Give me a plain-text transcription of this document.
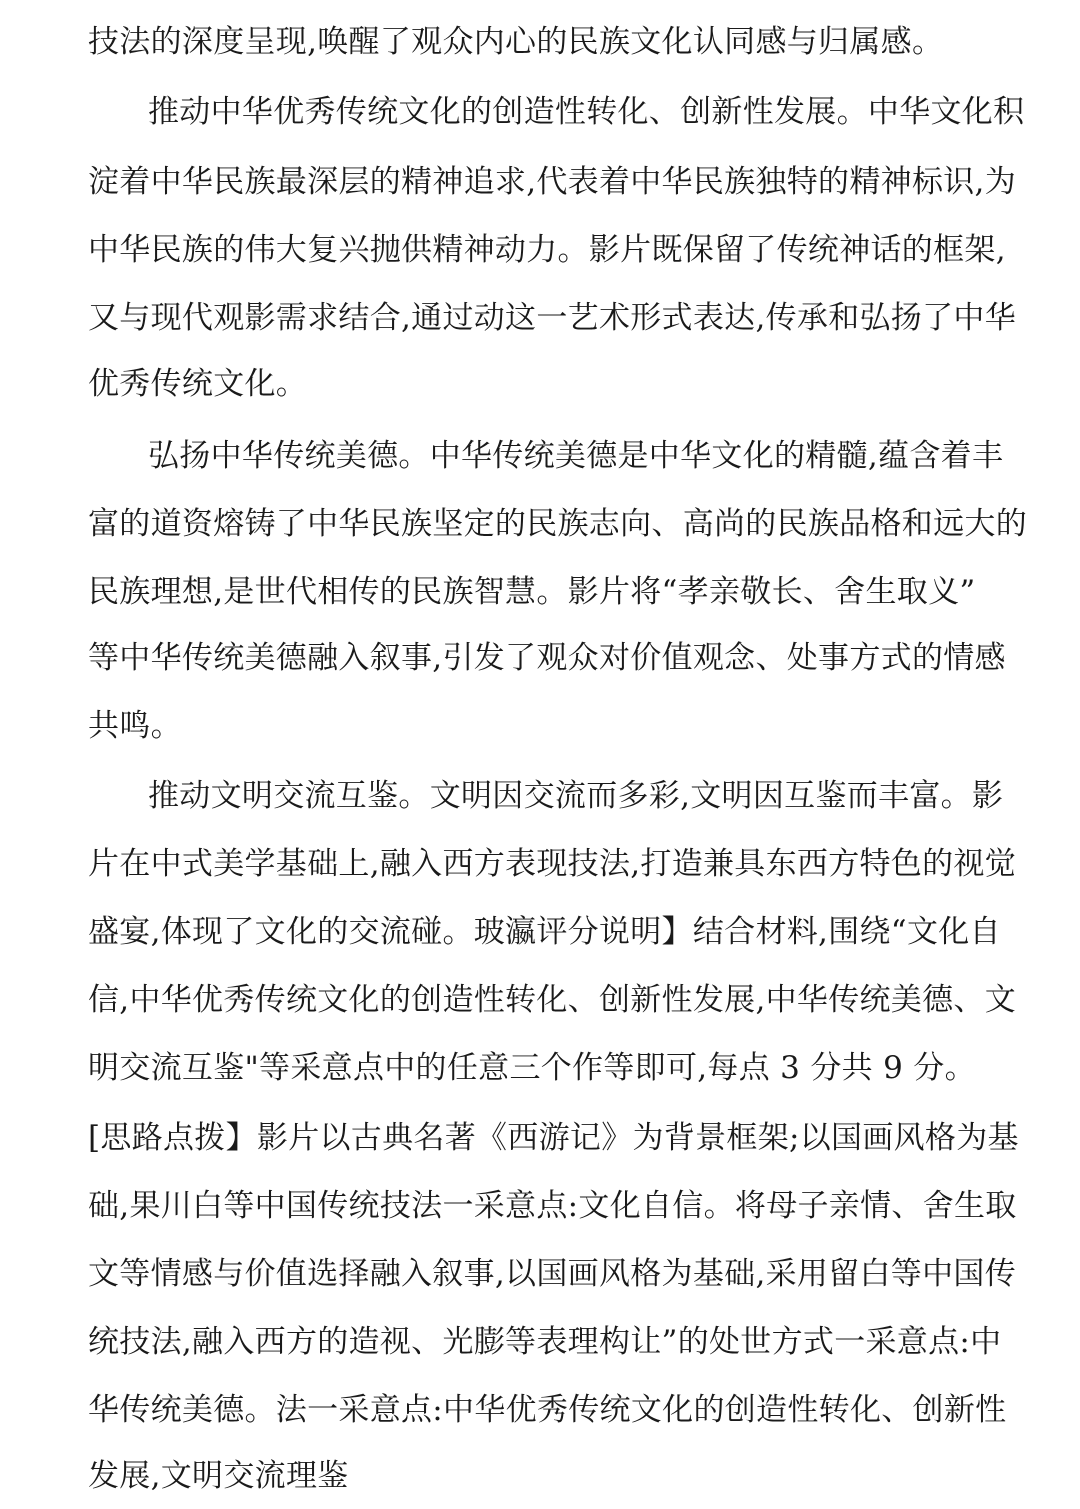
技法的深度呈现,唤醒了观众内心的民族文化认同感与归属感。
推动中华优秀传统文化的创造性转化、创新性发展。中华文化积
淀着中华民族最深层的精神追求,代表着中华民族独特的精神标识,为
中华民族的伟大复兴抛供精神动力。影片既保留了传统神话的框架,
又与现代观影需求结合,通过动这一艺术形式表达,传承和弘扬了中华
优秀传统文化。
弘扬中华传统美德。中华传统美德是中华文化的精髓,蕴含着丰
富的道资熔铸了中华民族坚定的民族志向、高尚的民族品格和远大的
民族理想,是世代相传的民族智慧。影片将“孝亲敬长、舍生取义”
等中华传统美德融入叙事,引发了观众对价值观念、处事方式的情感
共鸣。
推动文明交流互鉴。文明因交流而多彩,文明因互鉴而丰富。影
片在中式美学基础上,融入西方表现技法,打造兼具东西方特色的视觉
盛宴,体现了文化的交流碰。玻瀛评分说明】结合材料,围绕“文化自
信,中华优秀传统文化的创造性转化、创新性发展,中华传统美德、文
明交流互鉴"等采意点中的任意三个作等即可,每点 3 分共 9 分。
[思路点拨】影片以古典名著《西游记》为背景框架;以国画风格为基
础,果川白等中国传统技法一采意点:文化自信。将母子亲情、舍生取
文等情感与价值选择融入叙事,以国画风格为基础,采用留白等中国传
统技法,融入西方的造视、光膨等表理构让”的处世方式一采意点:中
华传统美德。法一采意点:中华优秀传统文化的创造性转化、创新性
发展,文明交流理鉴
